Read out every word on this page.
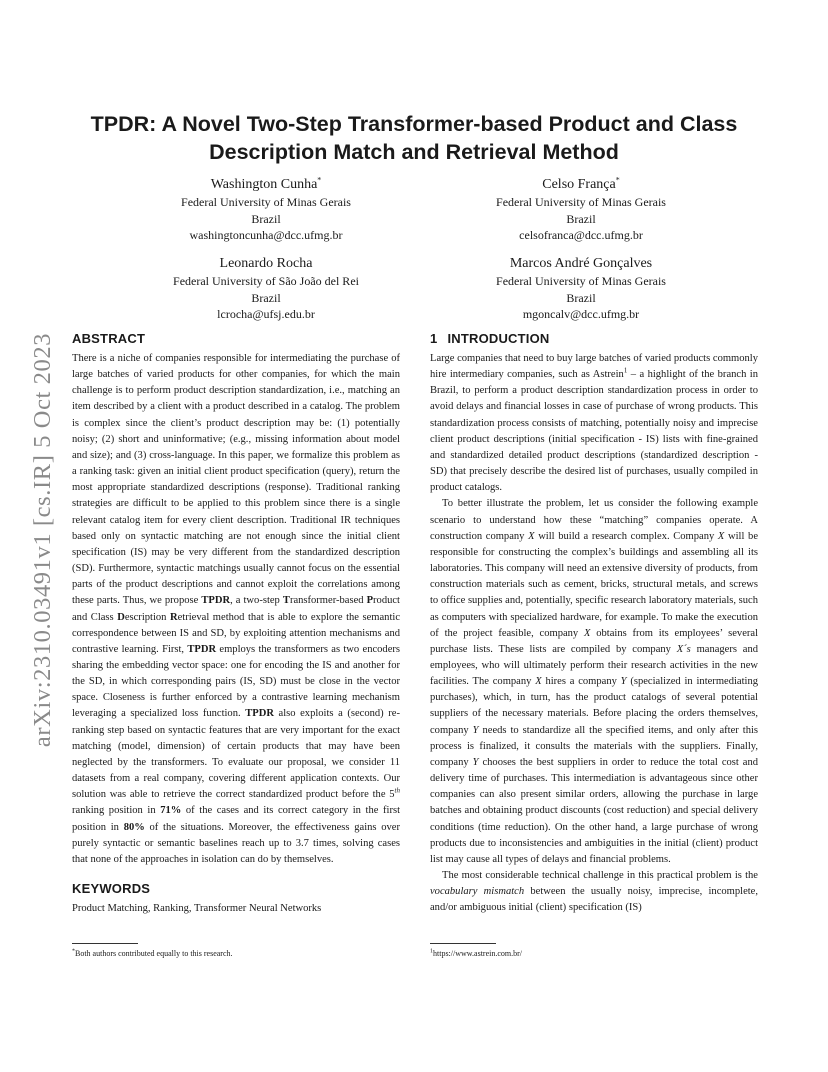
arXiv:2310.03491v1 [cs.IR] 5 Oct 2023
TPDR: A Novel Two-Step Transformer-based Product and Class
Description Match and Retrieval Method
Washington Cunha*
Federal University of Minas Gerais
Brazil
washingtoncunha@dcc.ufmg.br
Celso França*
Federal University of Minas Gerais
Brazil
celsofranca@dcc.ufmg.br
Leonardo Rocha
Federal University of São João del Rei
Brazil
lcrocha@ufsj.edu.br
Marcos André Gonçalves
Federal University of Minas Gerais
Brazil
mgoncalv@dcc.ufmg.br
ABSTRACT

There is a niche of companies responsible for intermediating the purchase of large batches of varied products for other companies, for which the main challenge is to perform product description standardization, i.e., matching an item described by a client with a product described in a catalog. The problem is complex since the client’s product description may be: (1) potentially noisy; (2) short and uninformative; (e.g., missing information about model and size); and (3) cross-language. In this paper, we formalize this problem as a ranking task: given an initial client product specification (query), return the most appropriate standardized descriptions (response). Traditional ranking strategies are difficult to be applied to this problem since there is a single relevant catalog item for every client description. Traditional IR techniques based only on syntactic matching are not enough since the initial client specification (IS) may be very different from the standardized description (SD). Furthermore, syntactic matchings usually cannot focus on the essential parts of the product descriptions and cannot exploit the correlations among these parts. Thus, we propose TPDR, a two-step Transformer-based Product and Class Description Retrieval method that is able to explore the semantic correspondence between IS and SD, by exploiting attention mechanisms and contrastive learning. First, TPDR employs the transformers as two encoders sharing the embedding vector space: one for encoding the IS and another for the SD, in which corresponding pairs (IS, SD) must be close in the vector space. Closeness is further enforced by a contrastive learning mechanism leveraging a specialized loss function. TPDR also exploits a (second) re-ranking step based on syntactic features that are very important for the exact matching (model, dimension) of certain products that may have been neglected by the transformers. To evaluate our proposal, we consider 11 datasets from a real company, covering different application contexts. Our solution was able to retrieve the correct standardized product before the 5th ranking position in 71% of the cases and its correct category in the first position in 80% of the situations. Moreover, the effectiveness gains over purely syntactic or semantic baselines reach up to 3.7 times, solving cases that none of the approaches in isolation can do by themselves.

KEYWORDS

Product Matching, Ranking, Transformer Neural Networks

1 INTRODUCTION

Large companies that need to buy large batches of varied products commonly hire intermediary companies, such as Astrein$^1$ – a highlight of the branch in Brazil, to perform a product description standardization process in order to avoid delays and financial losses in case of purchase of wrong products. This standardization process consists of matching, potentially noisy and imprecise client product descriptions (initial specification - IS) lists with fine-grained and standardized detailed product descriptions (standardized description - SD) that precisely describe the desired list of purchases, usually compiled in product catalogs.

To better illustrate the problem, let us consider the following example scenario to understand how these “matching” companies operate. A construction company X will build a research complex. Company X will be responsible for constructing the complex’s buildings and assembling all its laboratories. This company will need an extensive diversity of products, from construction materials such as cement, bricks, structural metals, and screws to office supplies and, potentially, specific research laboratory materials, such as computers with specialized hardware, for example. To make the execution of the project feasible, company X obtains from its employees’ several purchase lists. These lists are compiled by company X´s managers and employees, who will ultimately perform their research activities in the new facilities. The company X hires a company Y (specialized in intermediating purchases), which, in turn, has the product catalogs of several potential suppliers of the necessary materials. Before placing the orders themselves, company Y needs to standardize all the specified items, and only after this process is finalized, it consults the materials with the suppliers. Finally, company Y chooses the best suppliers in order to reduce the total cost and delivery time of purchases. This intermediation is advantageous since other companies can also present similar orders, allowing the purchase in large batches and obtaining product discounts (cost reduction) and special delivery conditions (time reduction). On the other hand, a large purchase of wrong products due to inconsistencies and ambiguities in the initial (client) product list may cause all types of delays and financial problems.

The most considerable technical challenge in this practical problem is the vocabulary mismatch between the usually noisy, imprecise, incomplete, and/or ambiguous initial (client) specification (IS)

*Both authors contributed equally to this research.	$^1$https://www.astrein.com.br/
